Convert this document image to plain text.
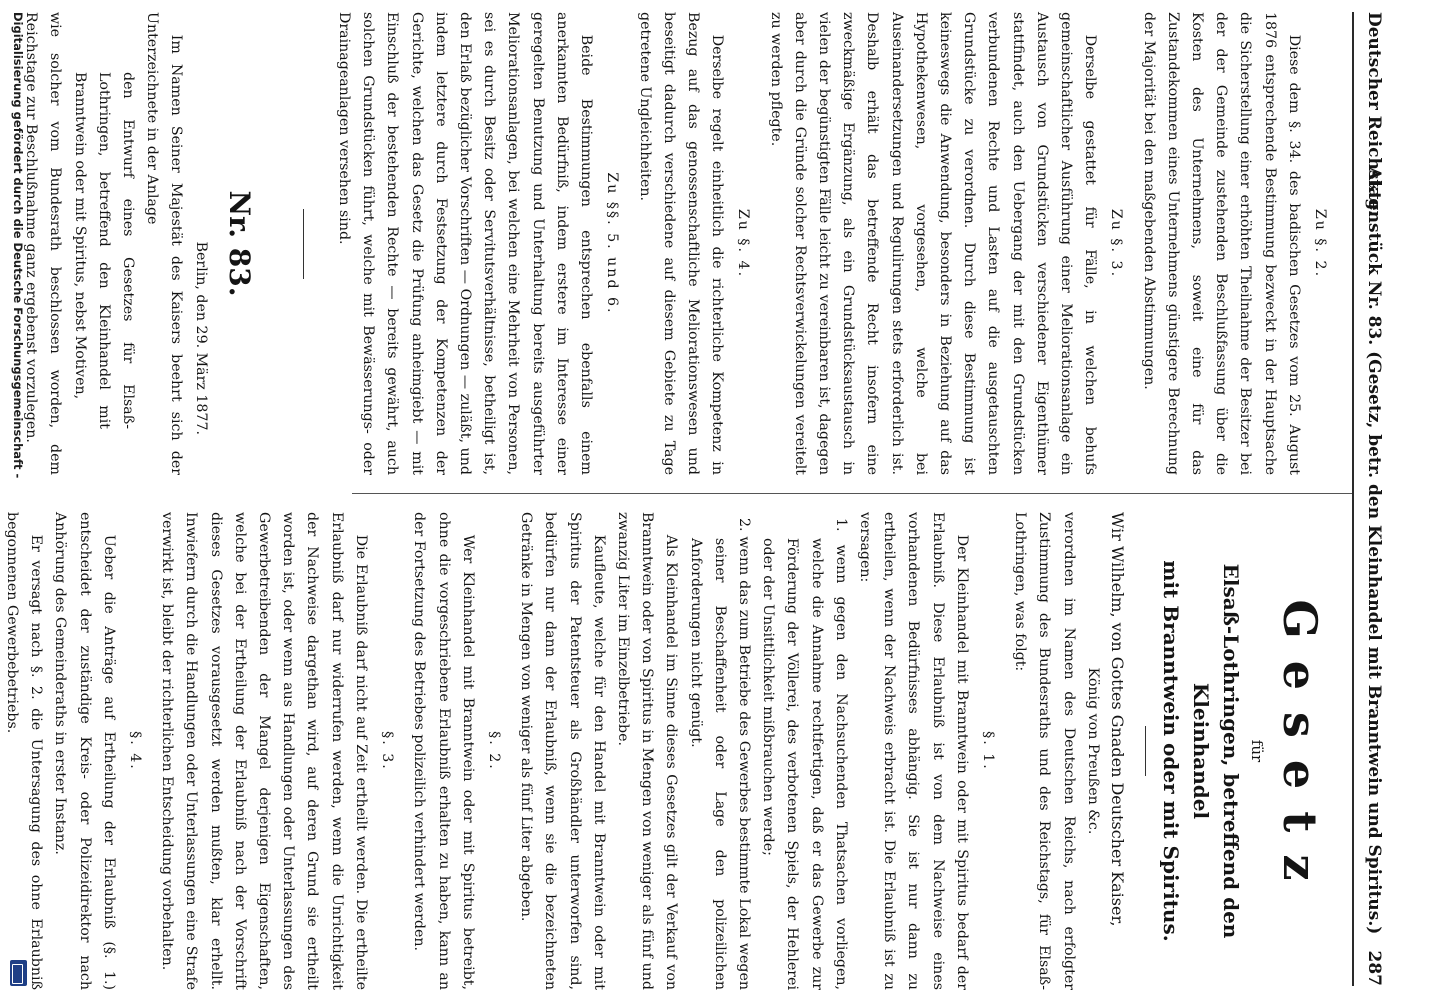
Deutscher Reichstag.
Aktenstück Nr. 83. (Gesetz, betr. den Kleinhandel mit Branntwein und Spiritus.)
287
Zu §. 2.

Diese dem §. 34. des badischen Gesetzes vom 25. August 1876 entsprechende Bestimmung bezweckt in der Hauptsache die Sicherstellung einer erhöhten Theilnahme der Besitzer bei der der Gemeinde zustehenden Beschlußfassung über die Kosten des Unternehmens, soweit eine für das Zustandekommen eines Unternehmens günstigere Berechnung der Majorität bei den maßgebenden Abstimmungen.

Zu §. 3.

Derselbe gestattet für Fälle, in welchen behufs gemeinschaftlicher Ausführung einer Meliorationsanlage ein Austausch von Grundstücken verschiedener Eigenthümer stattfindet, auch den Uebergang der mit den Grundstücken verbundenen Rechte und Lasten auf die ausgetauschten Grundstücke zu verordnen. Durch diese Bestimmung ist keineswegs die Anwendung, besonders in Beziehung auf das Hypothekenwesen, vorgesehen, welche bei Auseinandersetzungen und Regulirungen stets erforderlich ist. Deshalb erhält das betreffende Recht insofern eine zweckmäßige Ergänzung, als ein Grundstücksaustausch in vielen der begünstigten Fälle leicht zu vereinbaren ist, dagegen aber durch die Gründe solcher Rechtsverwickelungen vereitelt zu werden pflegte.

Zu §. 4.

Derselbe regelt einheitlich die richterliche Kompetenz in Bezug auf das genossenschaftliche Meliorationswesen und beseitigt dadurch verschiedene auf diesem Gebiete zu Tage getretene Ungleichheiten.

Zu §§. 5. und 6.

Beide Bestimmungen entsprechen ebenfalls einem anerkannten Bedürfniß, indem erstere im Interesse einer geregelten Benutzung und Unterhaltung bereits ausgeführter Meliorationsanlagen, bei welchen eine Mehrheit von Personen, sei es durch Besitz oder Servitutsverhältnisse, betheiligt ist, den Erlaß bezüglicher Vorschriften — Ordnungen — zuläßt, und indem letztere durch Festsetzung der Kompetenzen der Gerichte, welchen das Gesetz die Prüfung anheimgiebt — mit Einschluß der bestehenden Rechte — bereits gewährt, auch solchen Grundstücken führt, welche mit Bewässerungs- oder Drainageanlagen versehen sind.

Nr. 83.

Berlin, den 29. März 1877.

Im Namen Seiner Majestät des Kaisers beehrt sich der Unterzeichnete in der Anlage

den Entwurf eines Gesetzes für Elsaß-Lothringen, betreffend den Kleinhandel mit Branntwein oder mit Spiritus, nebst Motiven,

wie solcher vom Bundesrath beschlossen worden, dem Reichstage zur Beschlußnahme ganz ergebenst vorzulegen.

Gesetz
für
Elsaß-Lothringen, betreffend den Kleinhandel
mit Branntwein oder mit Spiritus.

Wir Wilhelm, von Gottes Gnaden Deutscher Kaiser,

König von Preußen &c.

verordnen im Namen des Deutschen Reichs, nach erfolgter Zustimmung des Bundesraths und des Reichstags, für Elsaß-Lothringen, was folgt:

§. 1.

Der Kleinhandel mit Branntwein oder mit Spiritus bedarf der Erlaubniß. Diese Erlaubniß ist von dem Nachweise eines vorhandenen Bedürfnisses abhängig. Sie ist nur dann zu ertheilen, wenn der Nachweis erbracht ist. Die Erlaubniß ist zu versagen:

1. wenn gegen den Nachsuchenden Thatsachen vorliegen, welche die Annahme rechtfertigen, daß er das Gewerbe zur Förderung der Völlerei, des verbotenen Spiels, der Hehlerei oder der Unsittlichkeit mißbrauchen werde;

2. wenn das zum Betriebe des Gewerbes bestimmte Lokal wegen seiner Beschaffenheit oder Lage den polizeilichen Anforderungen nicht genügt.

Als Kleinhandel im Sinne dieses Gesetzes gilt der Verkauf von Branntwein oder von Spiritus in Mengen von weniger als fünf und zwanzig Liter im Einzelbetriebe.

Kaufleute, welche für den Handel mit Branntwein oder mit Spiritus der Patentsteuer als Großhändler unterworfen sind, bedürfen nur dann der Erlaubniß, wenn sie die bezeichneten Getränke in Mengen von weniger als fünf Liter abgeben.

§. 2.

Wer Kleinhandel mit Branntwein oder mit Spiritus betreibt, ohne die vorgeschriebene Erlaubniß erhalten zu haben, kann an der Fortsetzung des Betriebes polizeilich verhindert werden.

§. 3.

Die Erlaubniß darf nicht auf Zeit ertheilt werden. Die ertheilte Erlaubniß darf nur widerrufen werden, wenn die Unrichtigkeit der Nachweise dargethan wird, auf deren Grund sie ertheilt worden ist, oder wenn aus Handlungen oder Unterlassungen des Gewerbetreibenden der Mangel derjenigen Eigenschaften, welche bei der Ertheilung der Erlaubniß nach der Vorschrift dieses Gesetzes vorausgesetzt werden mußten, klar erhellt. Inwiefern durch die Handlungen oder Unterlassungen eine Strafe verwirkt ist, bleibt der richterlichen Entscheidung vorbehalten.

§. 4.

Ueber die Anträge auf Ertheilung der Erlaubniß (§. 1.) entscheidet der zuständige Kreis- oder Polizeidirektor nach Anhörung des Gemeinderaths in erster Instanz.

Er versagt nach §. 2. die Untersagung des ohne Erlaubniß begonnenen Gewerbebetriebs.

Digitalisierung gefördert durch die Deutsche Forschungsgemeinschaft -
